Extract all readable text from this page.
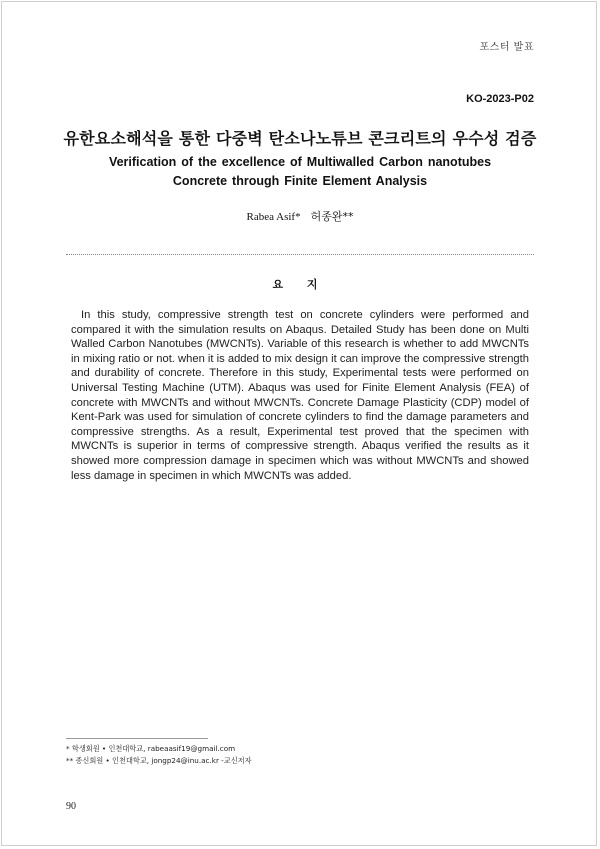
포스터 발표
KO-2023-P02
유한요소해석을 통한 다중벽 탄소나노튜브 콘크리트의 우수성 검증
Verification of the excellence of Multiwalled Carbon nanotubes
Concrete through Finite Element Analysis
Rabea Asif* 허종완**
요 지
In this study, compressive strength test on concrete cylinders were performed and compared it with the simulation results on Abaqus. Detailed Study has been done on Multi Walled Carbon Nanotubes (MWCNTs). Variable of this research is whether to add MWCNTs in mixing ratio or not. when it is added to mix design it can improve the compressive strength and durability of concrete. Therefore in this study, Experimental tests were performed on Universal Testing Machine (UTM). Abaqus was used for Finite Element Analysis (FEA) of concrete with MWCNTs and without MWCNTs. Concrete Damage Plasticity (CDP) model of Kent-Park was used for simulation of concrete cylinders to find the damage parameters and compressive strengths. As a result, Experimental test proved that the specimen with MWCNTs is superior in terms of compressive strength. Abaqus verified the results as it showed more compression damage in specimen which was without MWCNTs and showed less damage in specimen in which MWCNTs was added.
* 학생회원 • 인천대학교, rabeaasif19@gmail.com
** 종신회원 • 인천대학교, jongp24@inu.ac.kr -교신저자
90
